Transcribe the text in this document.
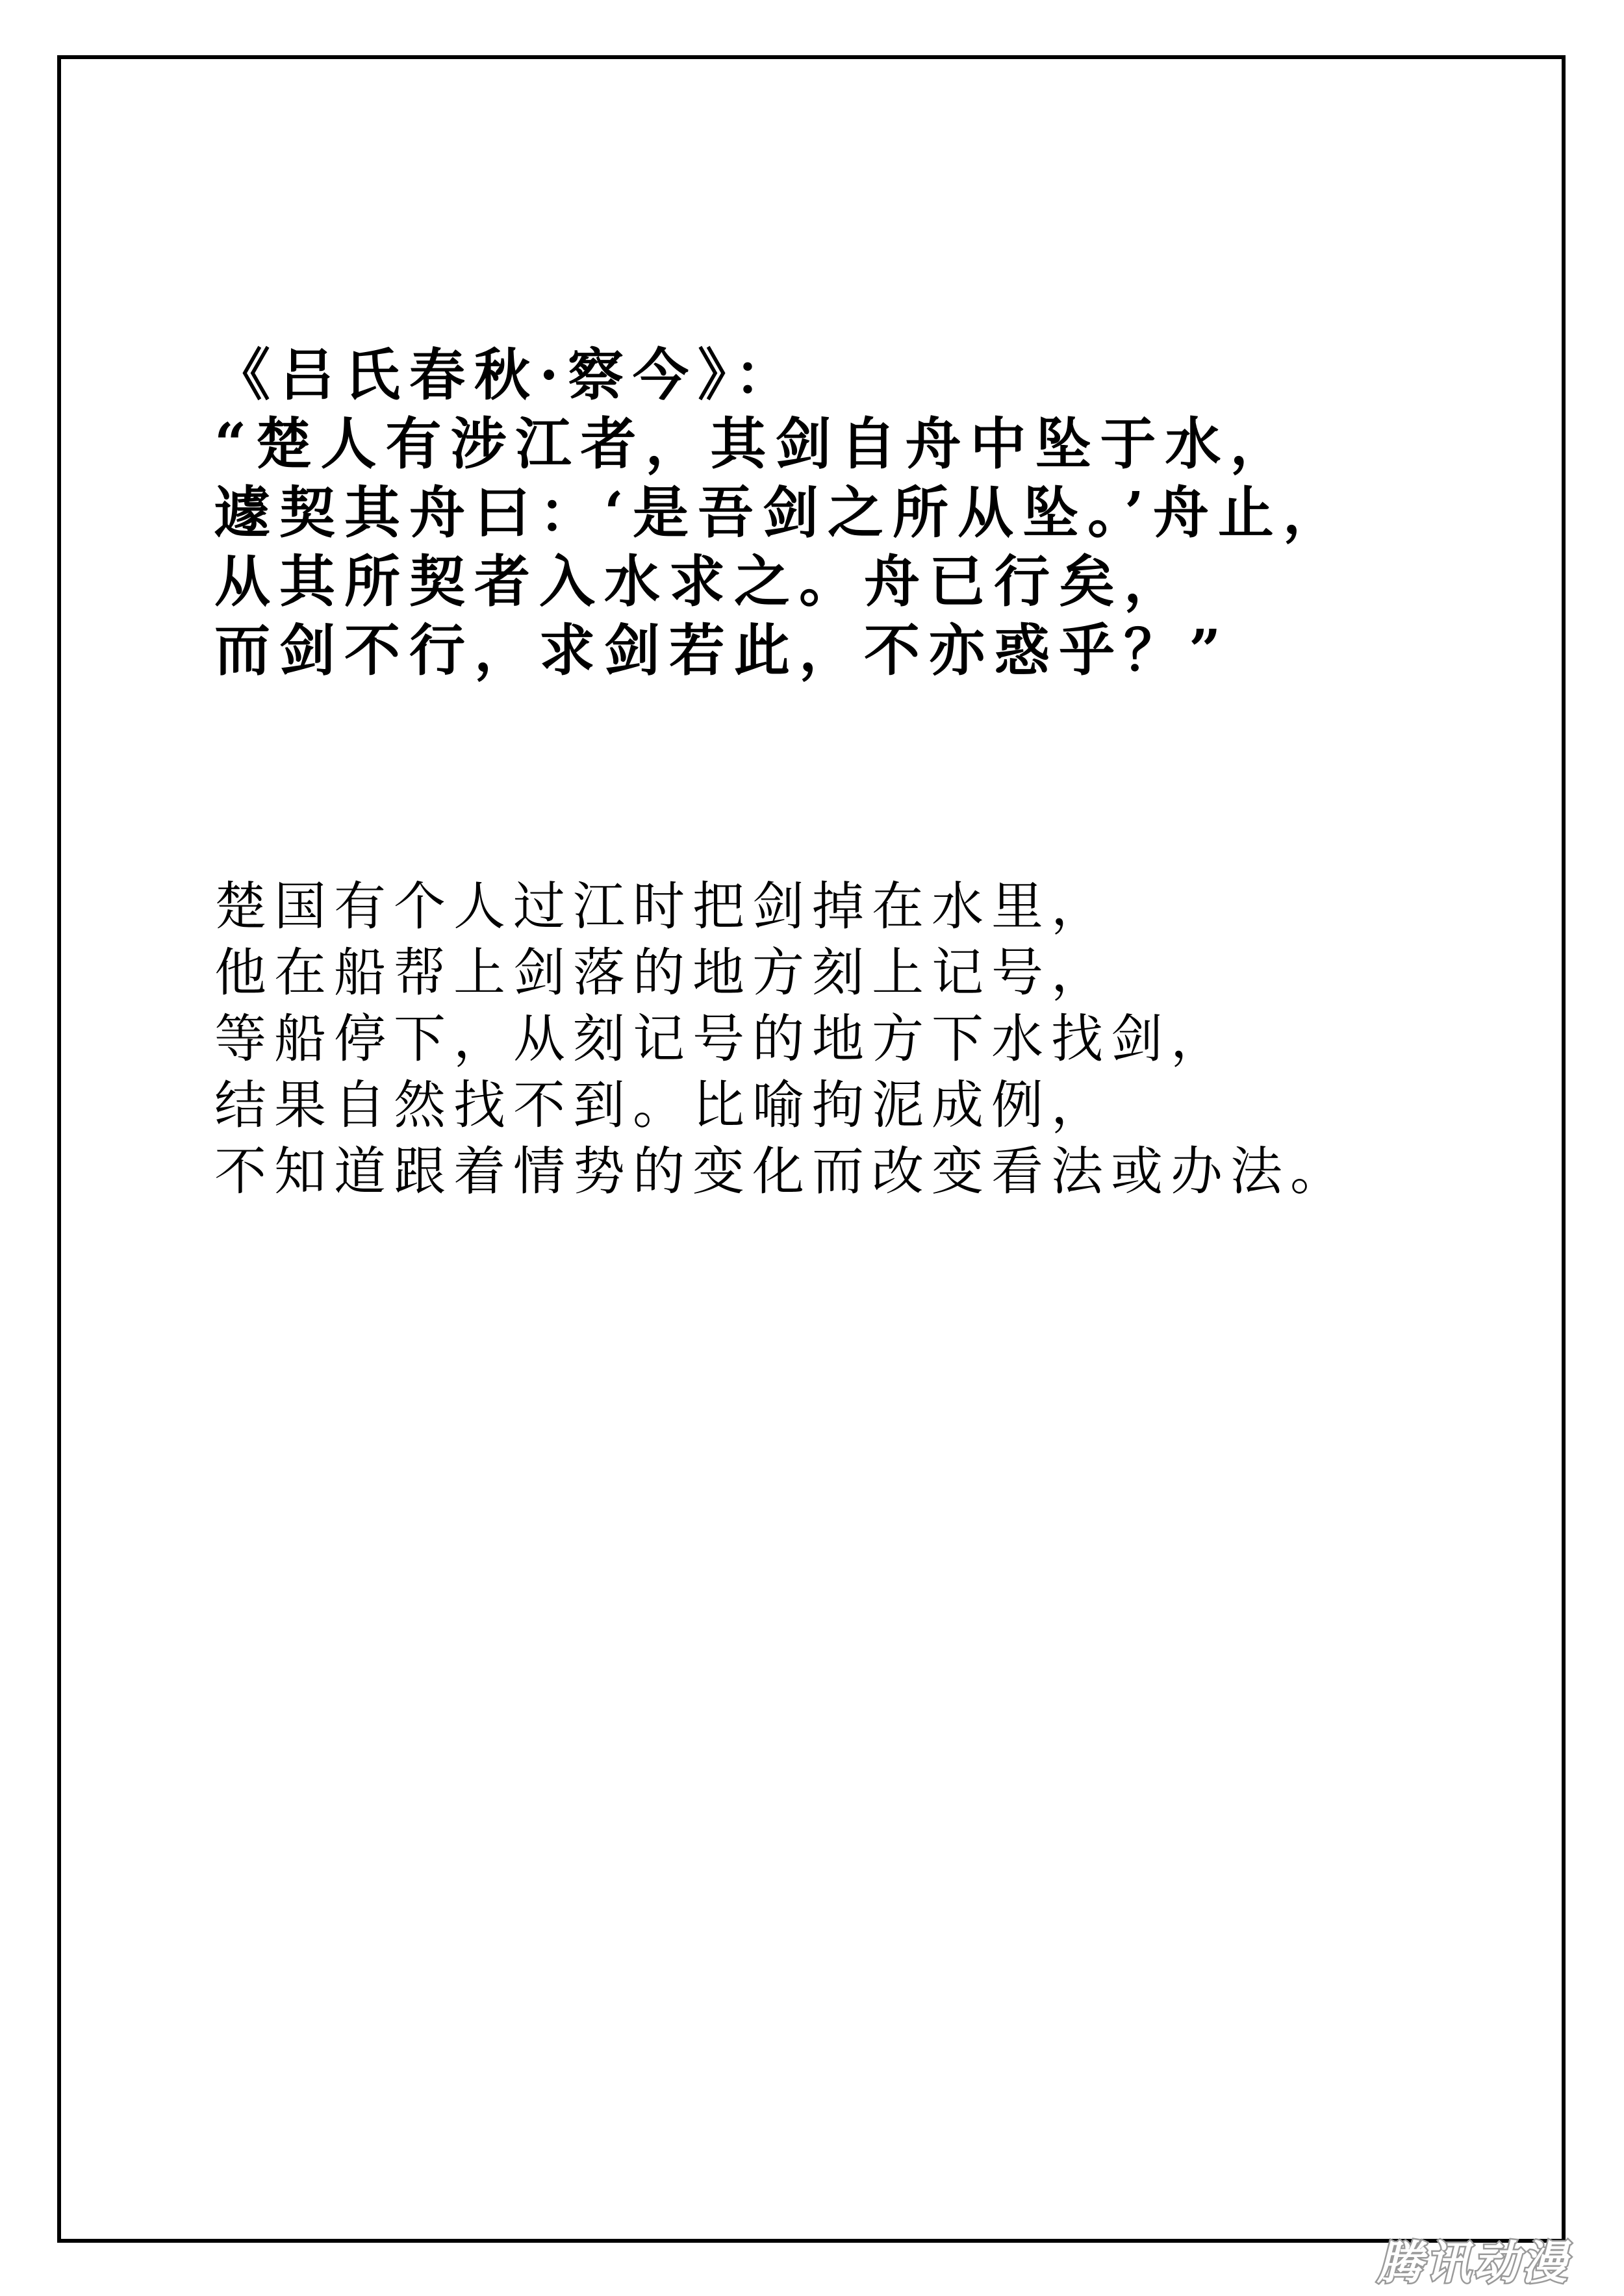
《吕氏春秋·察今》：
“楚人有涉江者，其剑自舟中坠于水，
遽契其舟曰：‘是吾剑之所从坠。’舟止，
从其所契者入水求之。舟已行矣，
而剑不行，求剑若此，不亦惑乎？”
楚国有个人过江时把剑掉在水里，
他在船帮上剑落的地方刻上记号，
等船停下，从刻记号的地方下水找剑，
结果自然找不到。比喻拘泥成例，
不知道跟着情势的变化而改变看法或办法。
腾讯动漫
